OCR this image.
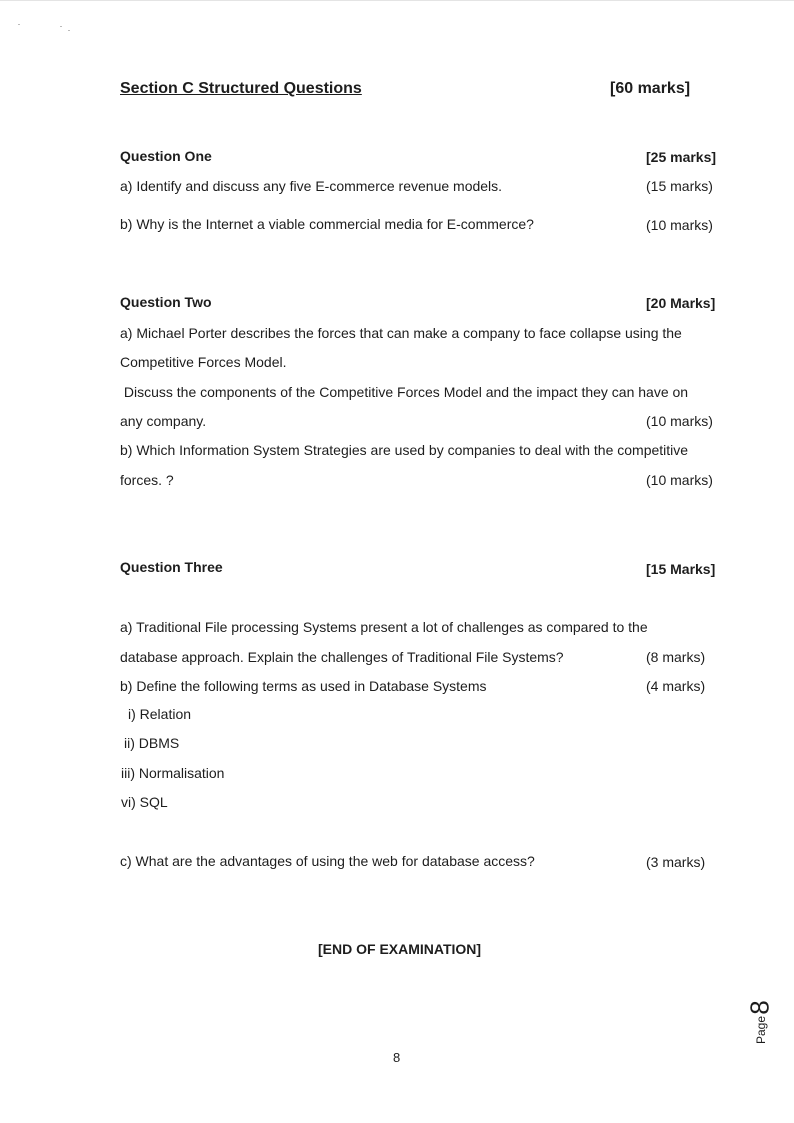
Section C Structured Questions	[60 marks]
Question One	[25 marks]
a) Identify and discuss any five E-commerce revenue models.	(15 marks)
b) Why is the Internet a viable commercial media for E-commerce?	(10 marks)
Question Two	[20 Marks]
a) Michael Porter describes the forces that can make a company to face collapse using the
Competitive Forces Model.
Discuss the components of the Competitive Forces Model and the impact they can have on
any company.	(10 marks)
b) Which Information System Strategies are used by companies to deal with the competitive
forces. ?	(10 marks)
Question Three	[15 Marks]
a) Traditional File processing Systems present a lot of challenges as compared to the
database approach. Explain the challenges of Traditional File Systems?	(8 marks)
b) Define the following terms as used in Database Systems	(4 marks)
i) Relation
ii) DBMS
iii) Normalisation
vi) SQL
c) What are the advantages of using the web for database access?	(3 marks)
[END OF EXAMINATION]
8
Page
8
